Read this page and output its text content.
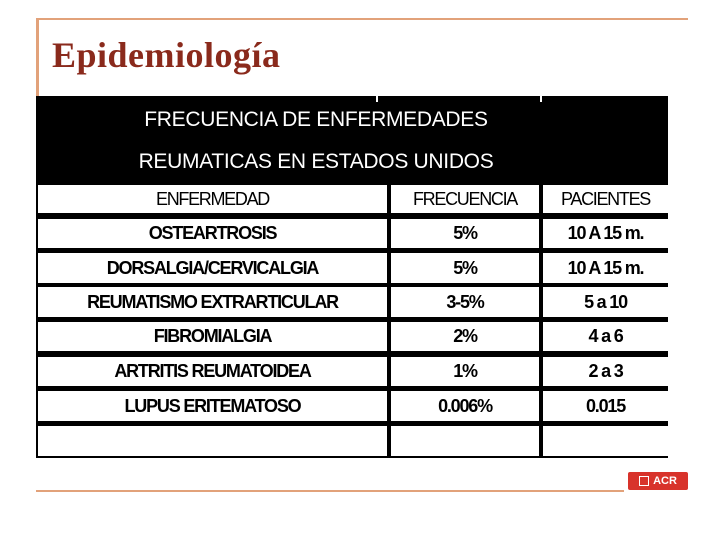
Epidemiología
FRECUENCIA DE ENFERMEDADES
REUMATICAS EN ESTADOS UNIDOS
ENFERMEDAD	FRECUENCIA	PACIENTES
OSTEARTROSIS	5%	10 A 15 m.
DORSALGIA/CERVICALGIA	5%	10 A 15 m.
REUMATISMO EXTRARTICULAR	3-5%	5 a 10
FIBROMIALGIA	2%	4 a 6
ARTRITIS REUMATOIDEA	1%	2 a 3
LUPUS ERITEMATOSO	0.006%	0.015
ACR
